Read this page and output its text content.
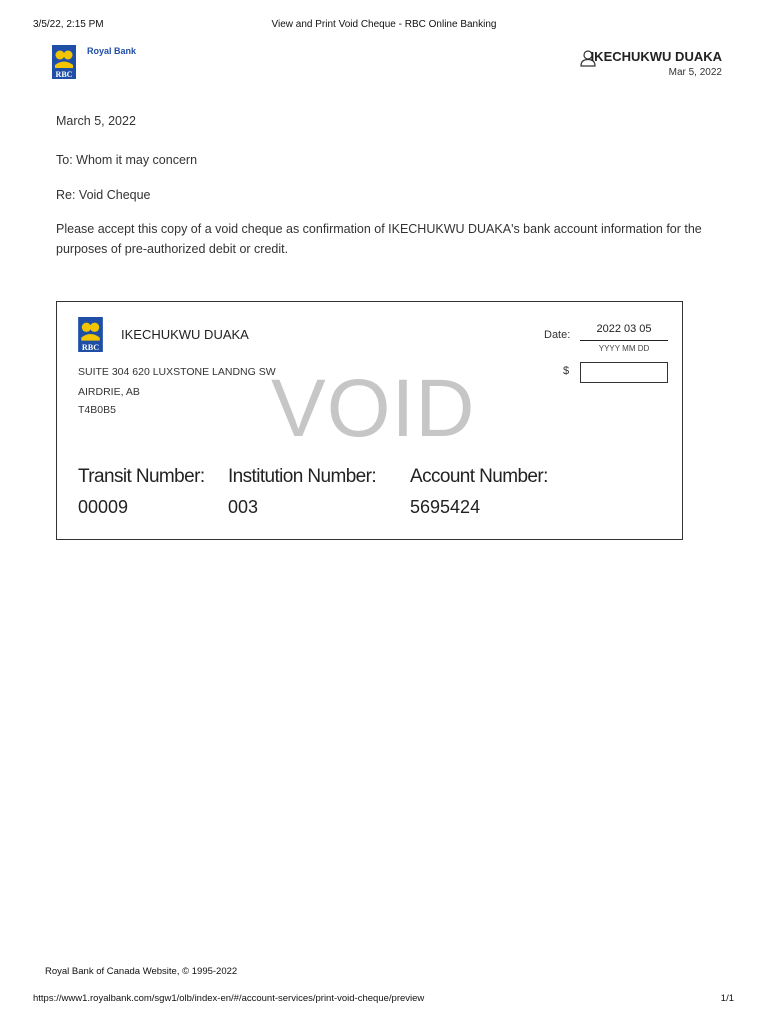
3/5/22, 2:15 PM	View and Print Void Cheque - RBC Online Banking
RBC
Royal Bank	IKECHUKWU DUAKA
Mar 5, 2022
March 5, 2022
To: Whom it may concern
Re: Void Cheque
Please accept this copy of a void cheque as confirmation of IKECHUKWU DUAKA's bank account information for the purposes of pre-authorized debit or credit.
RBC
IKECHUKWU DUAKA
VOID
SUITE 304 620 LUXSTONE LANDNG SW
AIRDRIE, AB
T4B0B5
Date:	2022 03 05
YYYY MM DD
$
Transit Number: Institution Number: Account Number:
00009	003	5695424
Royal Bank of Canada Website, © 1995-2022
https://www1.royalbank.com/sgw1/olb/index-en/#/account-services/print-void-cheque/preview	1/1
